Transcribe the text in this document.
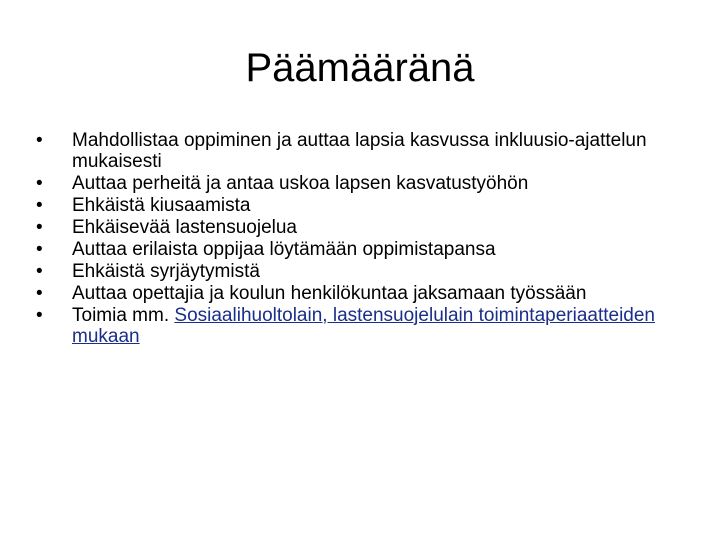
Päämääränä
•	Mahdollistaa oppiminen ja auttaa lapsia kasvussa inkluusio-ajattelun mukaisesti
•	Auttaa perheitä ja antaa uskoa lapsen kasvatustyöhön
•	Ehkäistä kiusaamista
•	Ehkäisevää lastensuojelua
•	Auttaa erilaista oppijaa löytämään oppimistapansa
•	Ehkäistä syrjäytymistä
•	Auttaa opettajia ja koulun henkilökuntaa jaksamaan työssään
•	Toimia mm. Sosiaalihuoltolain, lastensuojelulain toimintaperiaatteiden mukaan
